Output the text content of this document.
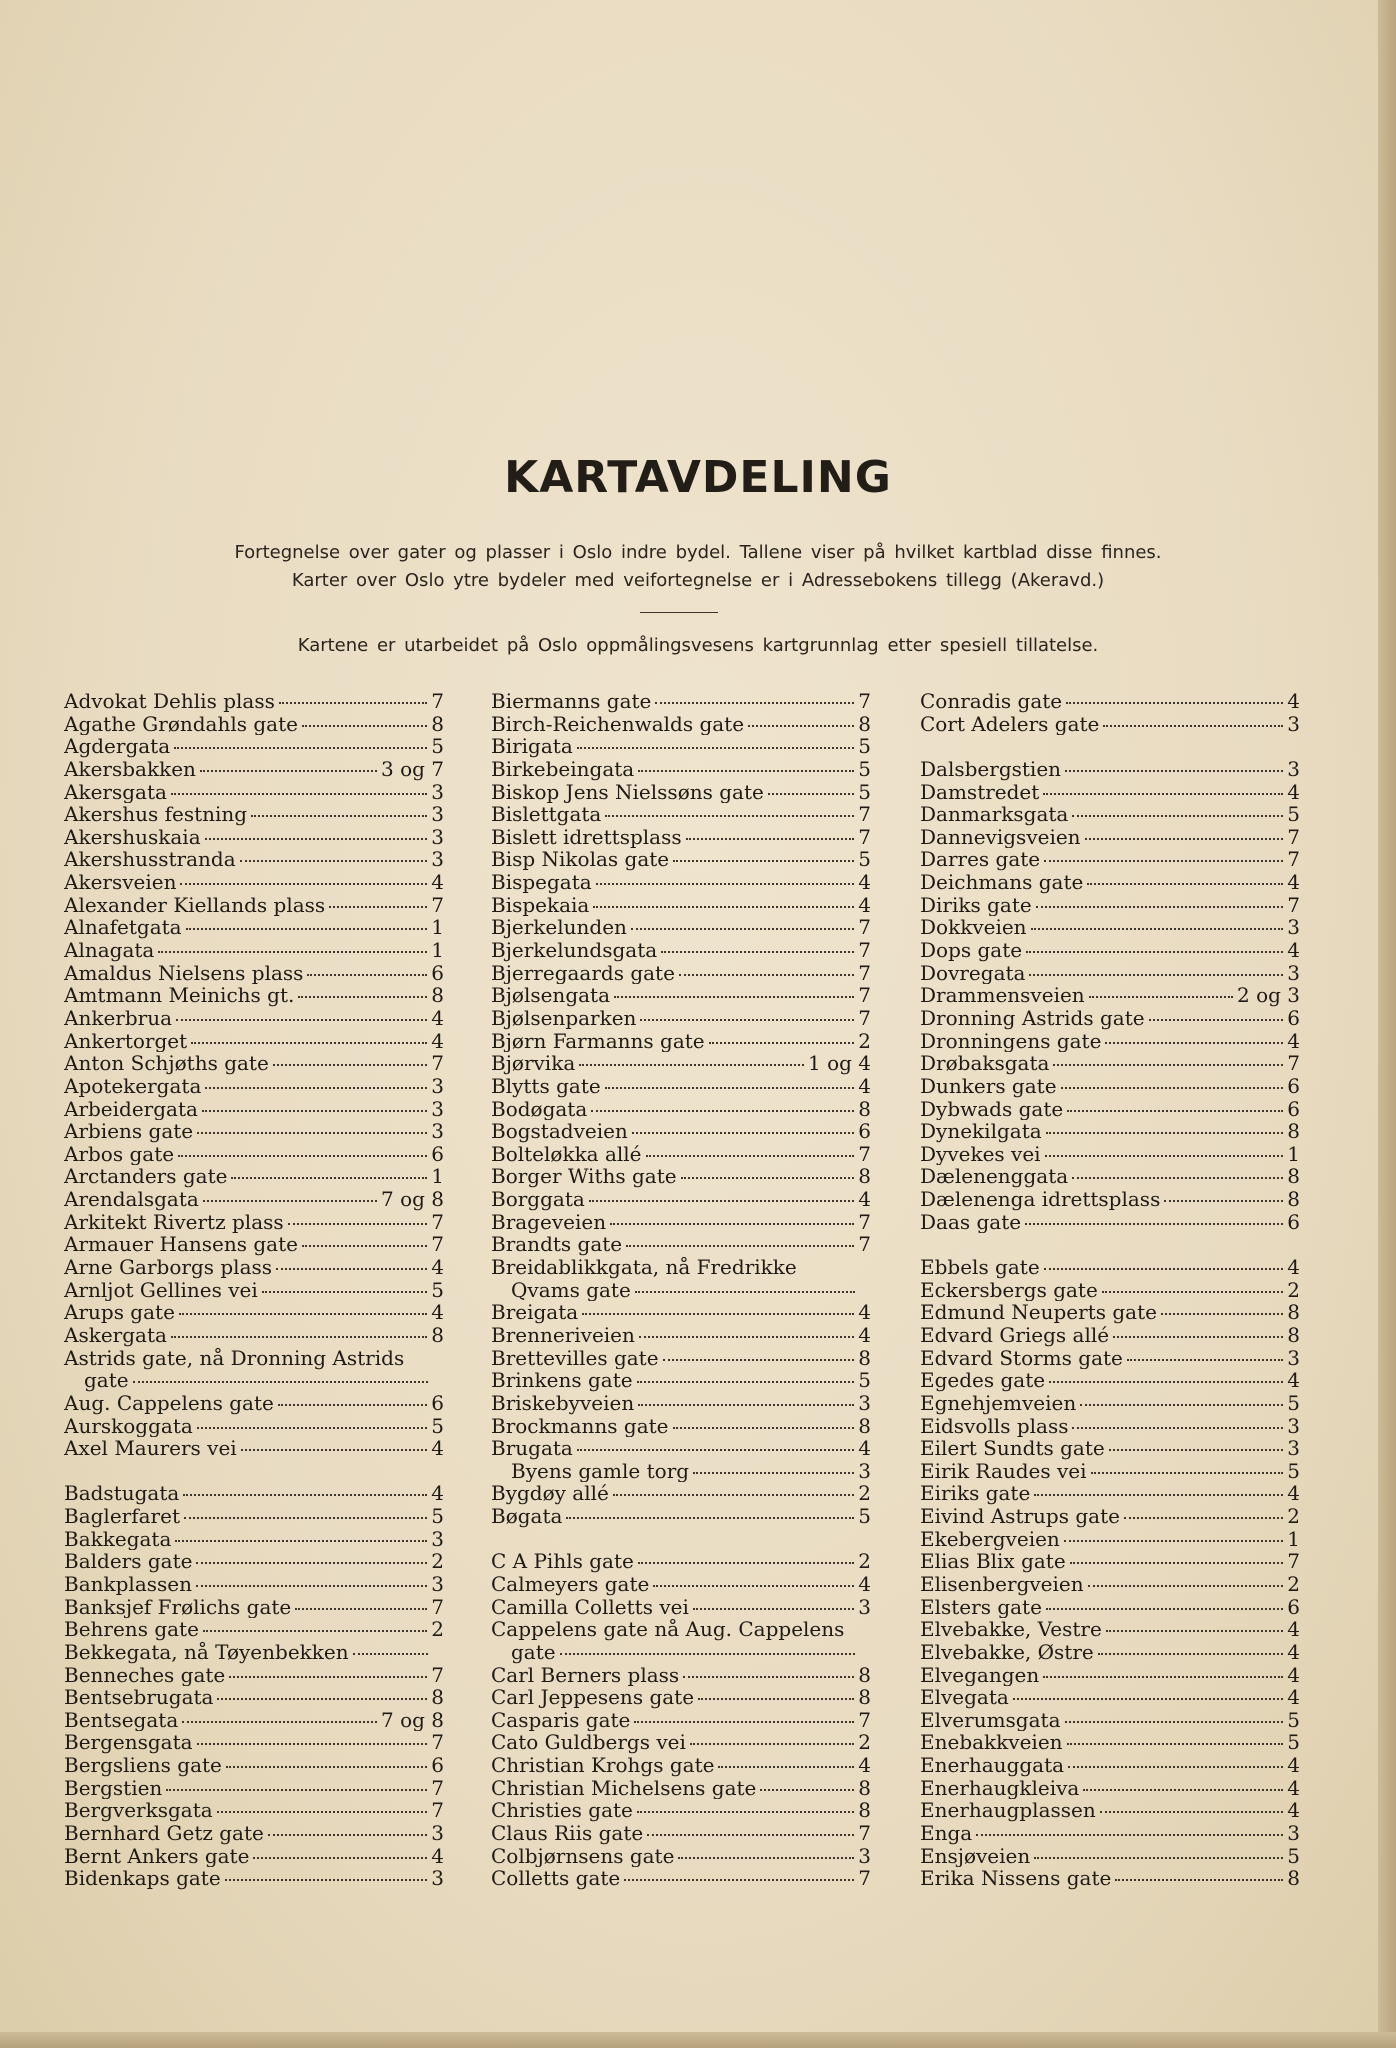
KARTAVDELING
Fortegnelse over gater og plasser i Oslo indre bydel. Tallene viser på hvilket kartblad disse finnes.
Karter over Oslo ytre bydeler med veifortegnelse er i Adressebokens tillegg (Akeravd.)
Kartene er utarbeidet på Oslo oppmålingsvesens kartgrunnlag etter spesiell tillatelse.
Advokat Dehlis plass	7
Agathe Grøndahls gate	8
Agdergata	5
Akersbakken	3 og 7
Akersgata	3
Akershus festning	3
Akershuskaia	3
Akershusstranda	3
Akersveien	4
Alexander Kiellands plass	7
Alnafetgata	1
Alnagata	1
Amaldus Nielsens plass	6
Amtmann Meinichs gt.	8
Ankerbrua	4
Ankertorget	4
Anton Schjøths gate	7
Apotekergata	3
Arbeidergata	3
Arbiens gate	3
Arbos gate	6
Arctanders gate	1
Arendalsgata	7 og 8
Arkitekt Rivertz plass	7
Armauer Hansens gate	7
Arne Garborgs plass	4
Arnljot Gellines vei	5
Arups gate	4
Askergata	8
Astrids gate, nå Dronning Astrids
gate
Aug. Cappelens gate	6
Aurskoggata	5
Axel Maurers vei	4
Badstugata	4
Baglerfaret	5
Bakkegata	3
Balders gate	2
Bankplassen	3
Banksjef Frølichs gate	7
Behrens gate	2
Bekkegata, nå Tøyenbekken
Benneches gate	7
Bentsebrugata	8
Bentsegata	7 og 8
Bergensgata	7
Bergsliens gate	6
Bergstien	7
Bergverksgata	7
Bernhard Getz gate	3
Bernt Ankers gate	4
Bidenkaps gate	3
Biermanns gate	7
Birch-Reichenwalds gate	8
Birigata	5
Birkebeingata	5
Biskop Jens Nielssøns gate	5
Bislettgata	7
Bislett idrettsplass	7
Bisp Nikolas gate	5
Bispegata	4
Bispekaia	4
Bjerkelunden	7
Bjerkelundsgata	7
Bjerregaards gate	7
Bjølsengata	7
Bjølsenparken	7
Bjørn Farmanns gate	2
Bjørvika	1 og 4
Blytts gate	4
Bodøgata	8
Bogstadveien	6
Bolteløkka allé	7
Borger Withs gate	8
Borggata	4
Brageveien	7
Brandts gate	7
Breidablikkgata, nå Fredrikke
Qvams gate
Breigata	4
Brenneriveien	4
Brettevilles gate	8
Brinkens gate	5
Briskebyveien	3
Brockmanns gate	8
Brugata	4
Byens gamle torg	3
Bygdøy allé	2
Bøgata	5
C A Pihls gate	2
Calmeyers gate	4
Camilla Colletts vei	3
Cappelens gate nå Aug. Cappelens
gate
Carl Berners plass	8
Carl Jeppesens gate	8
Casparis gate	7
Cato Guldbergs vei	2
Christian Krohgs gate	4
Christian Michelsens gate	8
Christies gate	8
Claus Riis gate	7
Colbjørnsens gate	3
Colletts gate	7
Conradis gate	4
Cort Adelers gate	3
Dalsbergstien	3
Damstredet	4
Danmarksgata	5
Dannevigsveien	7
Darres gate	7
Deichmans gate	4
Diriks gate	7
Dokkveien	3
Dops gate	4
Dovregata	3
Drammensveien	2 og 3
Dronning Astrids gate	6
Dronningens gate	4
Drøbaksgata	7
Dunkers gate	6
Dybwads gate	6
Dynekilgata	8
Dyvekes vei	1
Dælenenggata	8
Dælenenga idrettsplass	8
Daas gate	6
Ebbels gate	4
Eckersbergs gate	2
Edmund Neuperts gate	8
Edvard Griegs allé	8
Edvard Storms gate	3
Egedes gate	4
Egnehjemveien	5
Eidsvolls plass	3
Eilert Sundts gate	3
Eirik Raudes vei	5
Eiriks gate	4
Eivind Astrups gate	2
Ekebergveien	1
Elias Blix gate	7
Elisenbergveien	2
Elsters gate	6
Elvebakke, Vestre	4
Elvebakke, Østre	4
Elvegangen	4
Elvegata	4
Elverumsgata	5
Enebakkveien	5
Enerhauggata	4
Enerhaugkleiva	4
Enerhaugplassen	4
Enga	3
Ensjøveien	5
Erika Nissens gate	8
